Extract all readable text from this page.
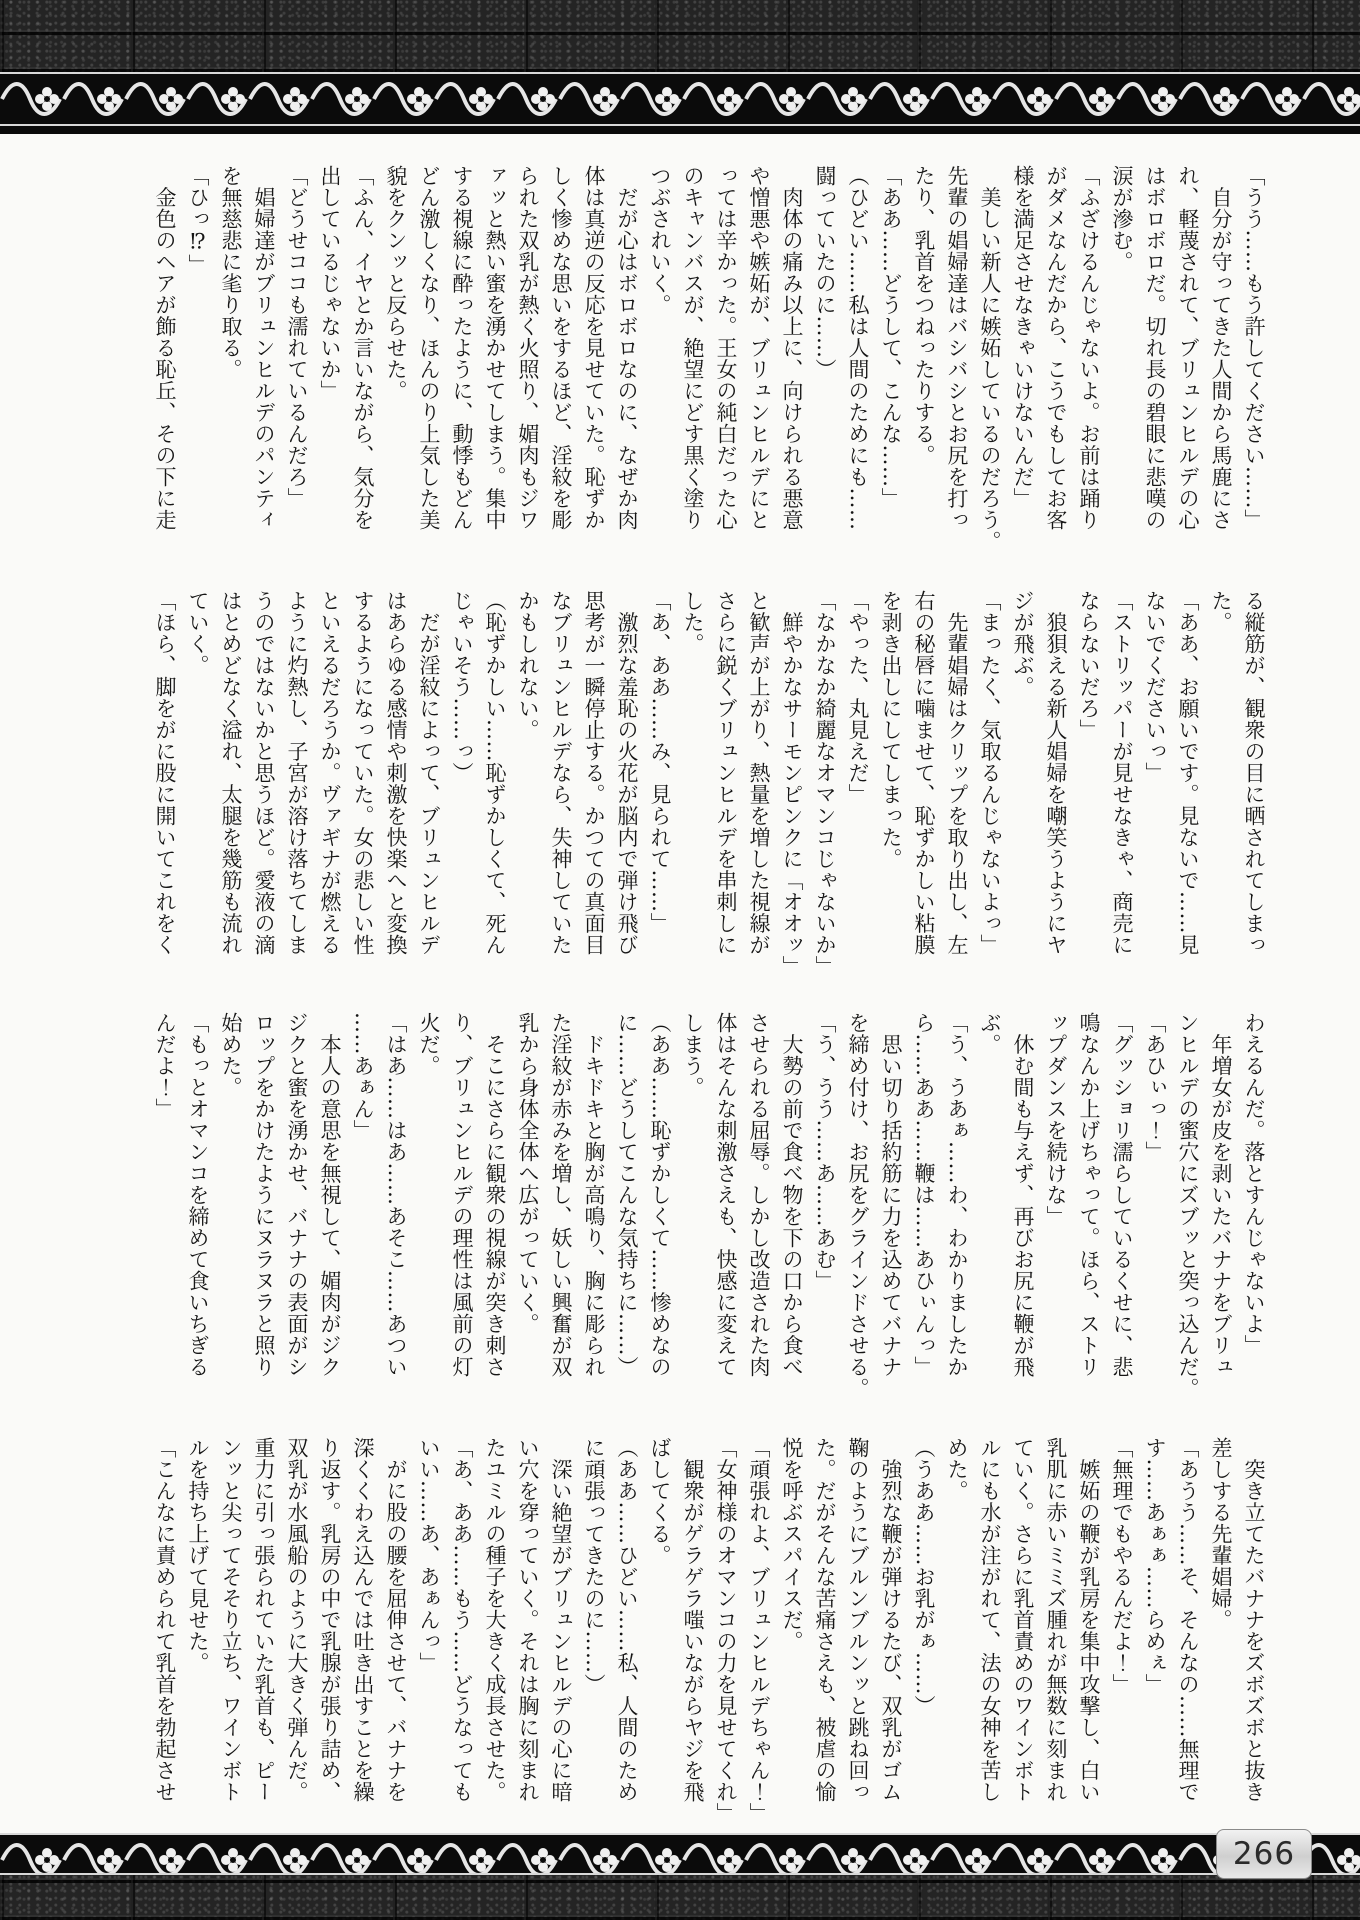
「うう……もう許してください……」

　自分が守ってきた人間から馬鹿にさ

れ、軽蔑されて、ブリュンヒルデの心

はボロボロだ。切れ長の碧眼に悲嘆の

涙が滲む。

「ふざけるんじゃないよ。お前は踊り

がダメなんだから、こうでもしてお客

様を満足させなきゃいけないんだ」

　美しい新人に嫉妬しているのだろう。

先輩の娼婦達はバシバシとお尻を打っ

たり、乳首をつねったりする。

「ああ……どうして、こんな……」

（ひどい……私は人間のためにも……

闘っていたのに……）

　肉体の痛み以上に、向けられる悪意

や憎悪や嫉妬が、ブリュンヒルデにと

っては辛かった。王女の純白だった心

のキャンバスが、絶望にどす黒く塗り

つぶされいく。

　だが心はボロボロなのに、なぜか肉

体は真逆の反応を見せていた。恥ずか

しく惨めな思いをするほど、淫紋を彫

られた双乳が熱く火照り、媚肉もジワ

ァッと熱い蜜を湧かせてしまう。集中

する視線に酔ったように、動悸もどん

どん激しくなり、ほんのり上気した美

貌をクンッと反らせた。

「ふん、イヤとか言いながら、気分を

出しているじゃないか」

「どうせココも濡れているんだろ」

　娼婦達がブリュンヒルデのパンティ

を無慈悲に毟り取る。

「ひっ⁉」

　金色のヘアが飾る恥丘、その下に走

る縦筋が、観衆の目に晒されてしまっ

た。

「ああ、お願いです。見ないで……見

ないでくださいっ」

「ストリッパーが見せなきゃ、商売に

ならないだろ」

　狼狽える新人娼婦を嘲笑うようにヤ

ジが飛ぶ。

「まったく、気取るんじゃないよっ」

　先輩娼婦はクリップを取り出し、左

右の秘唇に噛ませて、恥ずかしい粘膜

を剥き出しにしてしまった。

「やった、丸見えだ」

「なかなか綺麗なオマンコじゃないか」

　鮮やかなサーモンピンクに「オオッ」

と歓声が上がり、熱量を増した視線が

さらに鋭くブリュンヒルデを串刺しに

した。

「あ、ああ……み、見られて……」

　激烈な羞恥の火花が脳内で弾け飛び

思考が一瞬停止する。かつての真面目

なブリュンヒルデなら、失神していた

かもしれない。

（恥ずかしい……恥ずかしくて、死ん

じゃいそう……っ）

　だが淫紋によって、ブリュンヒルデ

はあらゆる感情や刺激を快楽へと変換

するようになっていた。女の悲しい性

といえるだろうか。ヴァギナが燃える

ように灼熱し、子宮が溶け落ちてしま

うのではないかと思うほど。愛液の滴

はとめどなく溢れ、太腿を幾筋も流れ

ていく。

「ほら、脚をがに股に開いてこれをく

わえるんだ。落とすんじゃないよ」

　年増女が皮を剥いたバナナをブリュ

ンヒルデの蜜穴にズブッと突っ込んだ。

「あひぃっ！」

「グッショリ濡らしているくせに、悲

鳴なんか上げちゃって。ほら、ストリ

ップダンスを続けな」

　休む間も与えず、再びお尻に鞭が飛

ぶ。

「う、うあぁ……わ、わかりましたか

ら……ああ……鞭は……あひぃんっ」

　思い切り括約筋に力を込めてバナナ

を締め付け、お尻をグラインドさせる。

「う、うう……あ……あむ」

　大勢の前で食べ物を下の口から食べ

させられる屈辱。しかし改造された肉

体はそんな刺激さえも、快感に変えて

しまう。

（ああ……恥ずかしくて……惨めなの

に……どうしてこんな気持ちに……）

　ドキドキと胸が高鳴り、胸に彫られ

た淫紋が赤みを増し、妖しい興奮が双

乳から身体全体へ広がっていく。

　そこにさらに観衆の視線が突き刺さ

り、ブリュンヒルデの理性は風前の灯

火だ。

「はあ……はあ……あそこ……あつい

……あぁん」

　本人の意思を無視して、媚肉がジク

ジクと蜜を湧かせ、バナナの表面がシ

ロップをかけたようにヌラヌラと照り

始めた。

「もっとオマンコを締めて食いちぎる

んだよ！」

　突き立てたバナナをズボズボと抜き

差しする先輩娼婦。

「あうう……そ、そんなの……無理で

す……あぁぁ……らめぇ」

「無理でもやるんだよ！」

　嫉妬の鞭が乳房を集中攻撃し、白い

乳肌に赤いミミズ腫れが無数に刻まれ

ていく。さらに乳首責めのワインボト

ルにも水が注がれて、法の女神を苦し

めた。

（うああ……お乳がぁ……）

　強烈な鞭が弾けるたび、双乳がゴム

鞠のようにブルンブルンッと跳ね回っ

た。だがそんな苦痛さえも、被虐の愉

悦を呼ぶスパイスだ。

「頑張れよ、ブリュンヒルデちゃん！」

「女神様のオマンコの力を見せてくれ」

　観衆がゲラゲラ嗤いながらヤジを飛

ばしてくる。

（ああ……ひどい……私、人間のため

に頑張ってきたのに……）

　深い絶望がブリュンヒルデの心に暗

い穴を穿っていく。それは胸に刻まれ

たユミルの種子を大きく成長させた。

「あ、ああ……もう……どうなっても

いい……あ、あぁんっ」

　がに股の腰を屈伸させて、バナナを

深くくわえ込んでは吐き出すことを繰

り返す。乳房の中で乳腺が張り詰め、

双乳が水風船のように大きく弾んだ。

重力に引っ張られていた乳首も、ピー

ンッと尖ってそそり立ち、ワインボト

ルを持ち上げて見せた。

「こんなに責められて乳首を勃起させ

266
